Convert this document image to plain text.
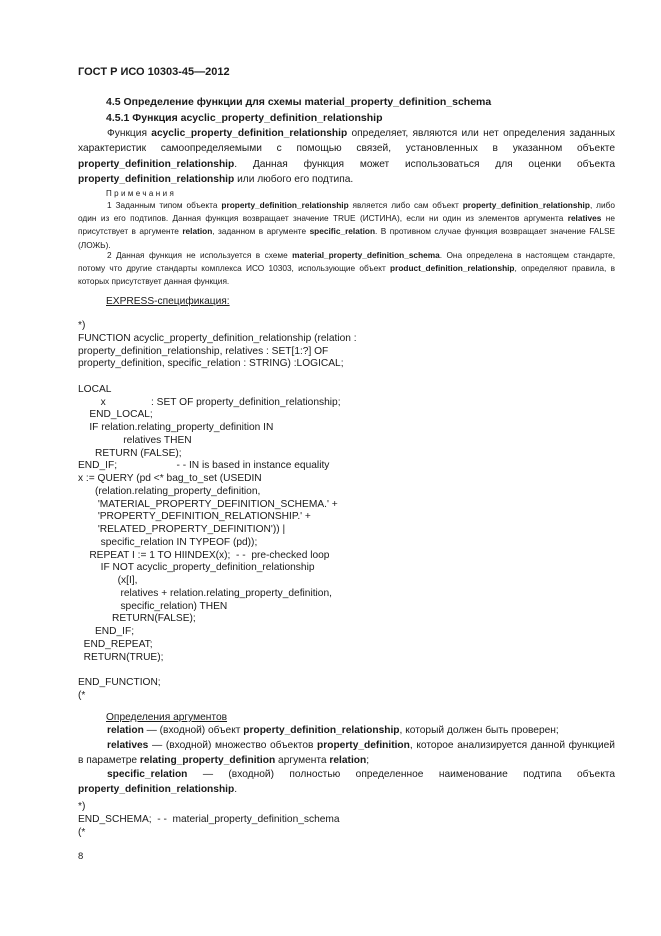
ГОСТ Р ИСО 10303-45—2012
4.5 Определение функции для схемы material_property_definition_schema
4.5.1 Функция acyclic_property_definition_relationship
Функция acyclic_property_definition_relationship определяет, являются или нет определения заданных характеристик самоопределяемыми с помощью связей, установленных в указанном объекте property_definition_relationship. Данная функция может использоваться для оценки объекта property_definition_relationship или любого его подтипа.
Примечания
1 Заданным типом объекта property_definition_relationship является либо сам объект property_definition_relationship, либо один из его подтипов. Данная функция возвращает значение TRUE (ИСТИНА), если ни один из элементов аргумента relatives не присутствует в аргументе relation, заданном в аргументе specific_relation. В противном случае функция возвращает значение FALSE (ЛОЖЬ).
2 Данная функция не используется в схеме material_property_definition_schema. Она определена в настоящем стандарте, потому что другие стандарты комплекса ИСО 10303, использующие объект product_definition_relationship, определяют правила, в которых присутствует данная функция.
EXPRESS-спецификация:
*)
FUNCTION acyclic_property_definition_relationship (relation :
property_definition_relationship, relatives : SET[1:?] OF
property_definition, specific_relation : STRING) :LOGICAL;
LOCAL
x                : SET OF property_definition_relationship;
END_LOCAL;
IF relation.relating_property_definition IN
relatives THEN
RETURN (FALSE);
END_IF;                     - - IN is based in instance equality
x := QUERY (pd <* bag_to_set (USEDIN
(relation.relating_property_definition,
'MATERIAL_PROPERTY_DEFINITION_SCHEMA.' +
'PROPERTY_DEFINITION_RELATIONSHIP.' +
'RELATED_PROPERTY_DEFINITION')) |
specific_relation IN TYPEOF (pd));
REPEAT I := 1 TO HIINDEX(x);  - -  pre-checked loop
IF NOT acyclic_property_definition_relationship
(x[I],
relatives + relation.relating_property_definition,
specific_relation) THEN
RETURN(FALSE);
END_IF;
END_REPEAT;
RETURN(TRUE);
END_FUNCTION;
(*
Определения аргументов
relation — (входной) объект property_definition_relationship, который должен быть проверен;
relatives — (входной) множество объектов property_definition, которое анализируется данной функцией в параметре relating_property_definition аргумента relation;
specific_relation — (входной) полностью определенное наименование подтипа объекта property_definition_relationship.
*)
END_SCHEMA;  - -  material_property_definition_schema
(*
8
